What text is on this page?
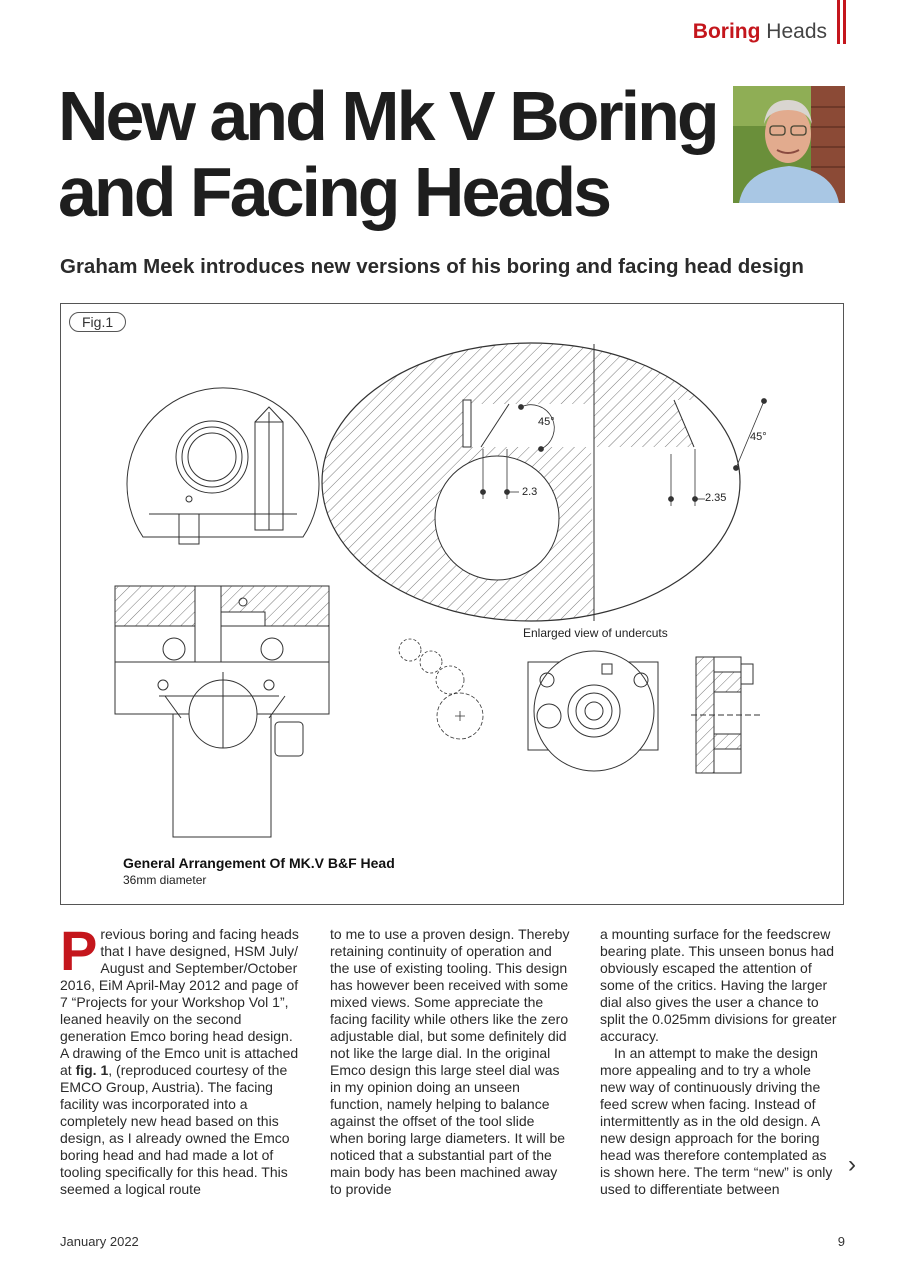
Boring Heads
New and Mk V Boring
and Facing Heads

Graham Meek introduces new versions of his boring and facing head design

Fig.1
Enlarged view of undercuts
45°
45°
2.3	2.35
General Arrangement Of MK.V B&F Head
36mm diameter
P revious boring and facing heads that I have designed, HSM July/ August and September/October 2016, EiM April-May 2012 and page of 7 “Projects for your Workshop Vol 1”, leaned heavily on the second generation Emco boring head design. A drawing of the Emco unit is attached at fig. 1, (reproduced courtesy of the EMCO Group, Austria). The facing facility was incorporated into a completely new head based on this design, as I already owned the Emco boring head and had made a lot of tooling specifically for this head. This seemed a logical route

to me to use a proven design. Thereby retaining continuity of operation and the use of existing tooling. This design has however been received with some mixed views. Some appreciate the facing facility while others like the zero adjustable dial, but some definitely did not like the large dial. In the original Emco design this large steel dial was in my opinion doing an unseen function, namely helping to balance against the offset of the tool slide when boring large diameters. It will be noticed that a substantial part of the main body has been machined away to provide

a mounting surface for the feedscrew bearing plate. This unseen bonus had obviously escaped the attention of some of the critics. Having the larger dial also gives the user a chance to split the 0.025mm divisions for greater accuracy.

In an attempt to make the design more appealing and to try a whole new way of continuously driving the feed screw when facing. Instead of intermittently as in the old design. A new design approach for the boring head was therefore contemplated as is shown here. The term “new” is only used to differentiate between

›
January 2022	9
